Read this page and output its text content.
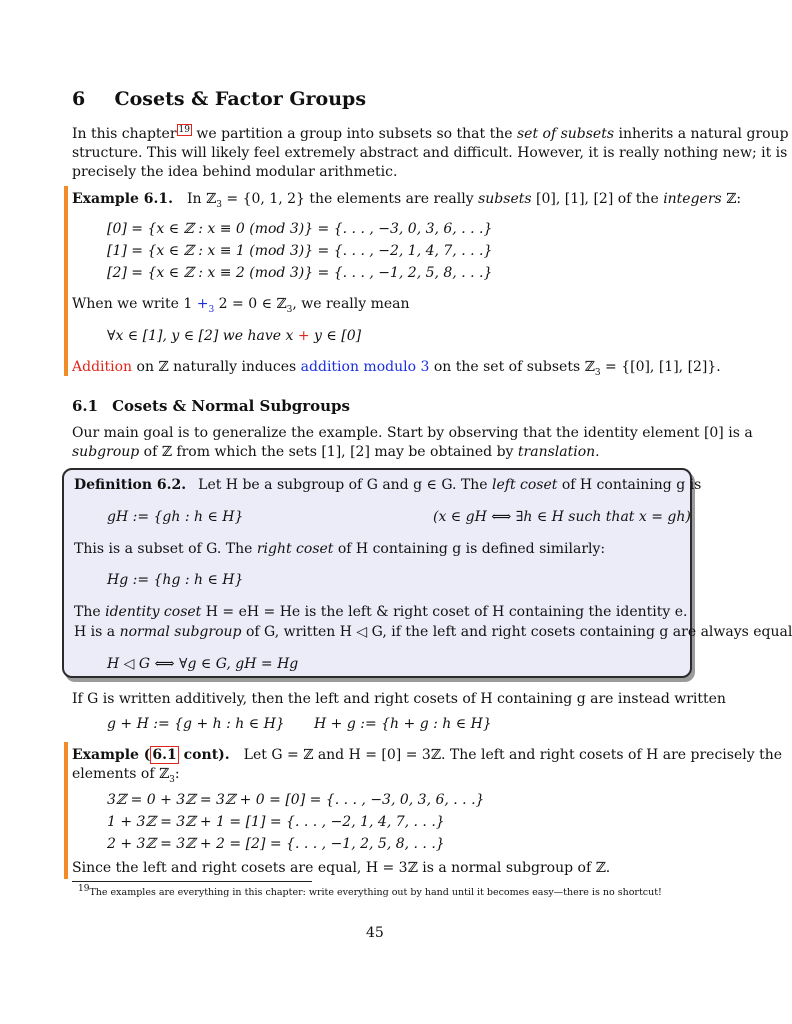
6 Cosets & Factor Groups
In this chapter $^{19}$ we partition a group into subsets so that the set of subsets inherits a natural group
structure. This will likely feel extremely abstract and difficult. However, it is really nothing new; it is
precisely the idea behind modular arithmetic.
Example 6.1. In ℤ$_3$ = {0, 1, 2} the elements are really subsets [0], [1], [2] of the integers ℤ:
[0] = {x ∈ ℤ : x ≡ 0 (mod 3)} = {. . . , −3, 0, 3, 6, . . .}
[1] = {x ∈ ℤ : x ≡ 1 (mod 3)} = {. . . , −2, 1, 4, 7, . . .}
[2] = {x ∈ ℤ : x ≡ 2 (mod 3)} = {. . . , −1, 2, 5, 8, . . .}
When we write $1 +_3$ 2 = 0 ∈ ℤ$_3$, we really mean
∀x ∈ [1], y ∈ [2] we have x + y ∈ [0]
Addition on ℤ naturally induces addition modulo 3 on the set of subsets ℤ$_3$ = {[0], [1], [2]}.
6.1 Cosets & Normal Subgroups
Our main goal is to generalize the example. Start by observing that the identity element [0] is a
subgroup of ℤ from which the sets [1], [2] may be obtained by translation.
Definition 6.2. Let H be a subgroup of G and g ∈ G. The left coset of H containing g is
gH := {gh : h ∈ H}	(x ∈ gH ⟺ ∃h ∈ H such that x = gh)
This is a subset of G. The right coset of H containing g is defined similarly:
Hg := {hg : h ∈ H}
The identity coset H = eH = He is the left & right coset of H containing the identity e.
H is a normal subgroup of G, written H ◁ G, if the left and right cosets containing g are always equal
H ◁ G ⟺ ∀g ∈ G, gH = Hg
If G is written additively, then the left and right cosets of H containing g are instead written
g + H := {g + h : h ∈ H} H + g := {h + g : h ∈ H}
Example ( 6.1 cont). Let G = ℤ and H = [0] = 3ℤ. The left and right cosets of H are precisely the
elements of ℤ$_3$:
3ℤ = 0 + 3ℤ = 3ℤ + 0 = [0] = {. . . , −3, 0, 3, 6, . . .}
1 + 3ℤ = 3ℤ + 1 = [1] = {. . . , −2, 1, 4, 7, . . .}
2 + 3ℤ = 3ℤ + 2 = [2] = {. . . , −1, 2, 5, 8, . . .}
Since the left and right cosets are equal, H = 3ℤ is a normal subgroup of ℤ.
$^{19}$The examples are everything in this chapter: write everything out by hand until it becomes easy—there is no shortcut!
45
